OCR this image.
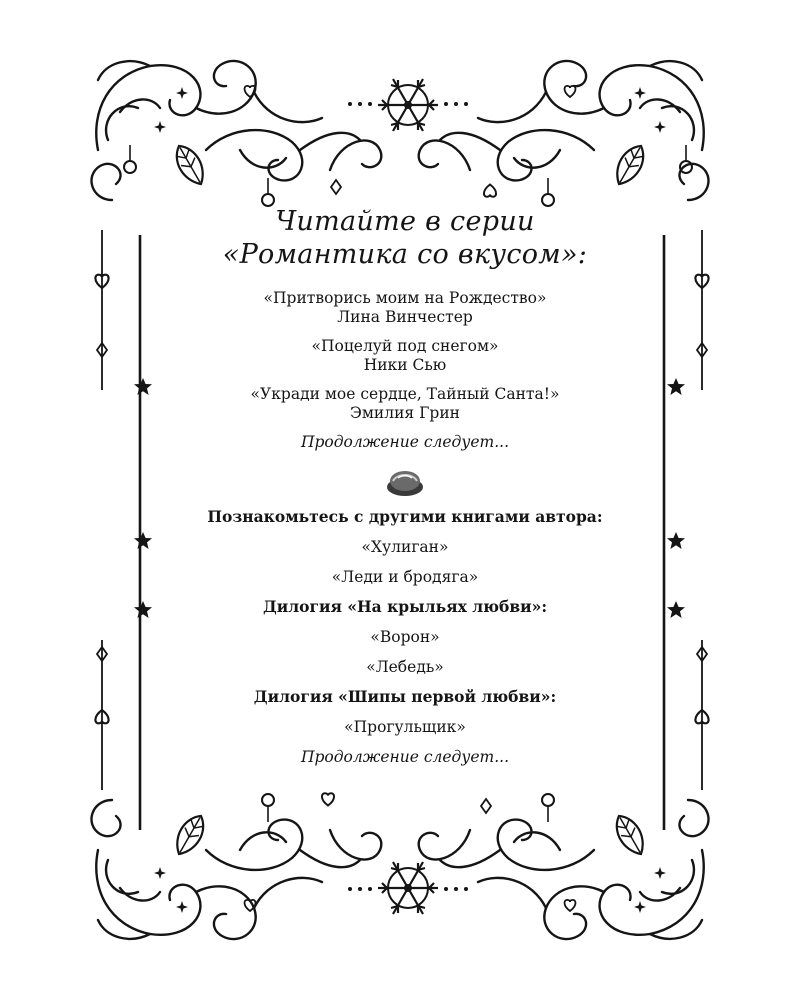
Читайте в серии
«Романтика со вкусом»:
«Притворись моим на Рождество»
Лина Винчестер
«Поцелуй под снегом»
Ники Сью
«Укради мое сердце, Тайный Санта!»
Эмилия Грин
Продолжение следует...
Познакомьтесь с другими книгами автора:
«Хулиган»
«Леди и бродяга»
Дилогия «На крыльях любви»:
«Ворон»
«Лебедь»
Дилогия «Шипы первой любви»:
«Прогульщик»
Продолжение следует...
